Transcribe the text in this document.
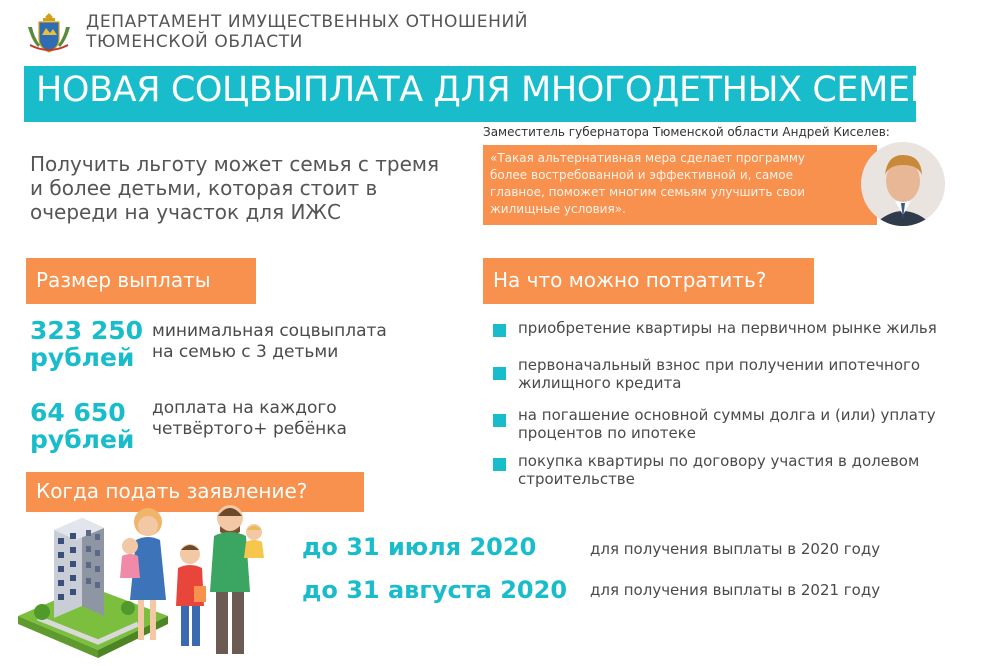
ДЕПАРТАМЕНТ ИМУЩЕСТВЕННЫХ ОТНОШЕНИЙ
ТЮМЕНСКОЙ ОБЛАСТИ
НОВАЯ СОЦВЫПЛАТА ДЛЯ МНОГОДЕТНЫХ СЕМЕЙ
Получить льготу может семья с тремя
и более детьми, которая стоит в
очереди на участок для ИЖС
Заместитель губернатора Тюменской области Андрей Киселев:
«Такая альтернативная мера сделает программу
более востребованной и эффективной и, самое
главное, поможет многим семьям улучшить свои
жилищные условия».
Размер выплаты
323 250
рублей
минимальная соцвыплата
на семью с 3 детьми
64 650
рублей
доплата на каждого
четвёртого+ ребёнка
На что можно потратить?
приобретение квартиры на первичном рынке жилья
первоначальный взнос при получении ипотечного
жилищного кредита
на погашение основной суммы долга и (или) уплату
процентов по ипотеке
покупка квартиры по договору участия в долевом
строительстве
Когда подать заявление?
до 31 июля 2020	для получения выплаты в 2020 году
до 31 августа 2020 для получения выплаты в 2021 году
